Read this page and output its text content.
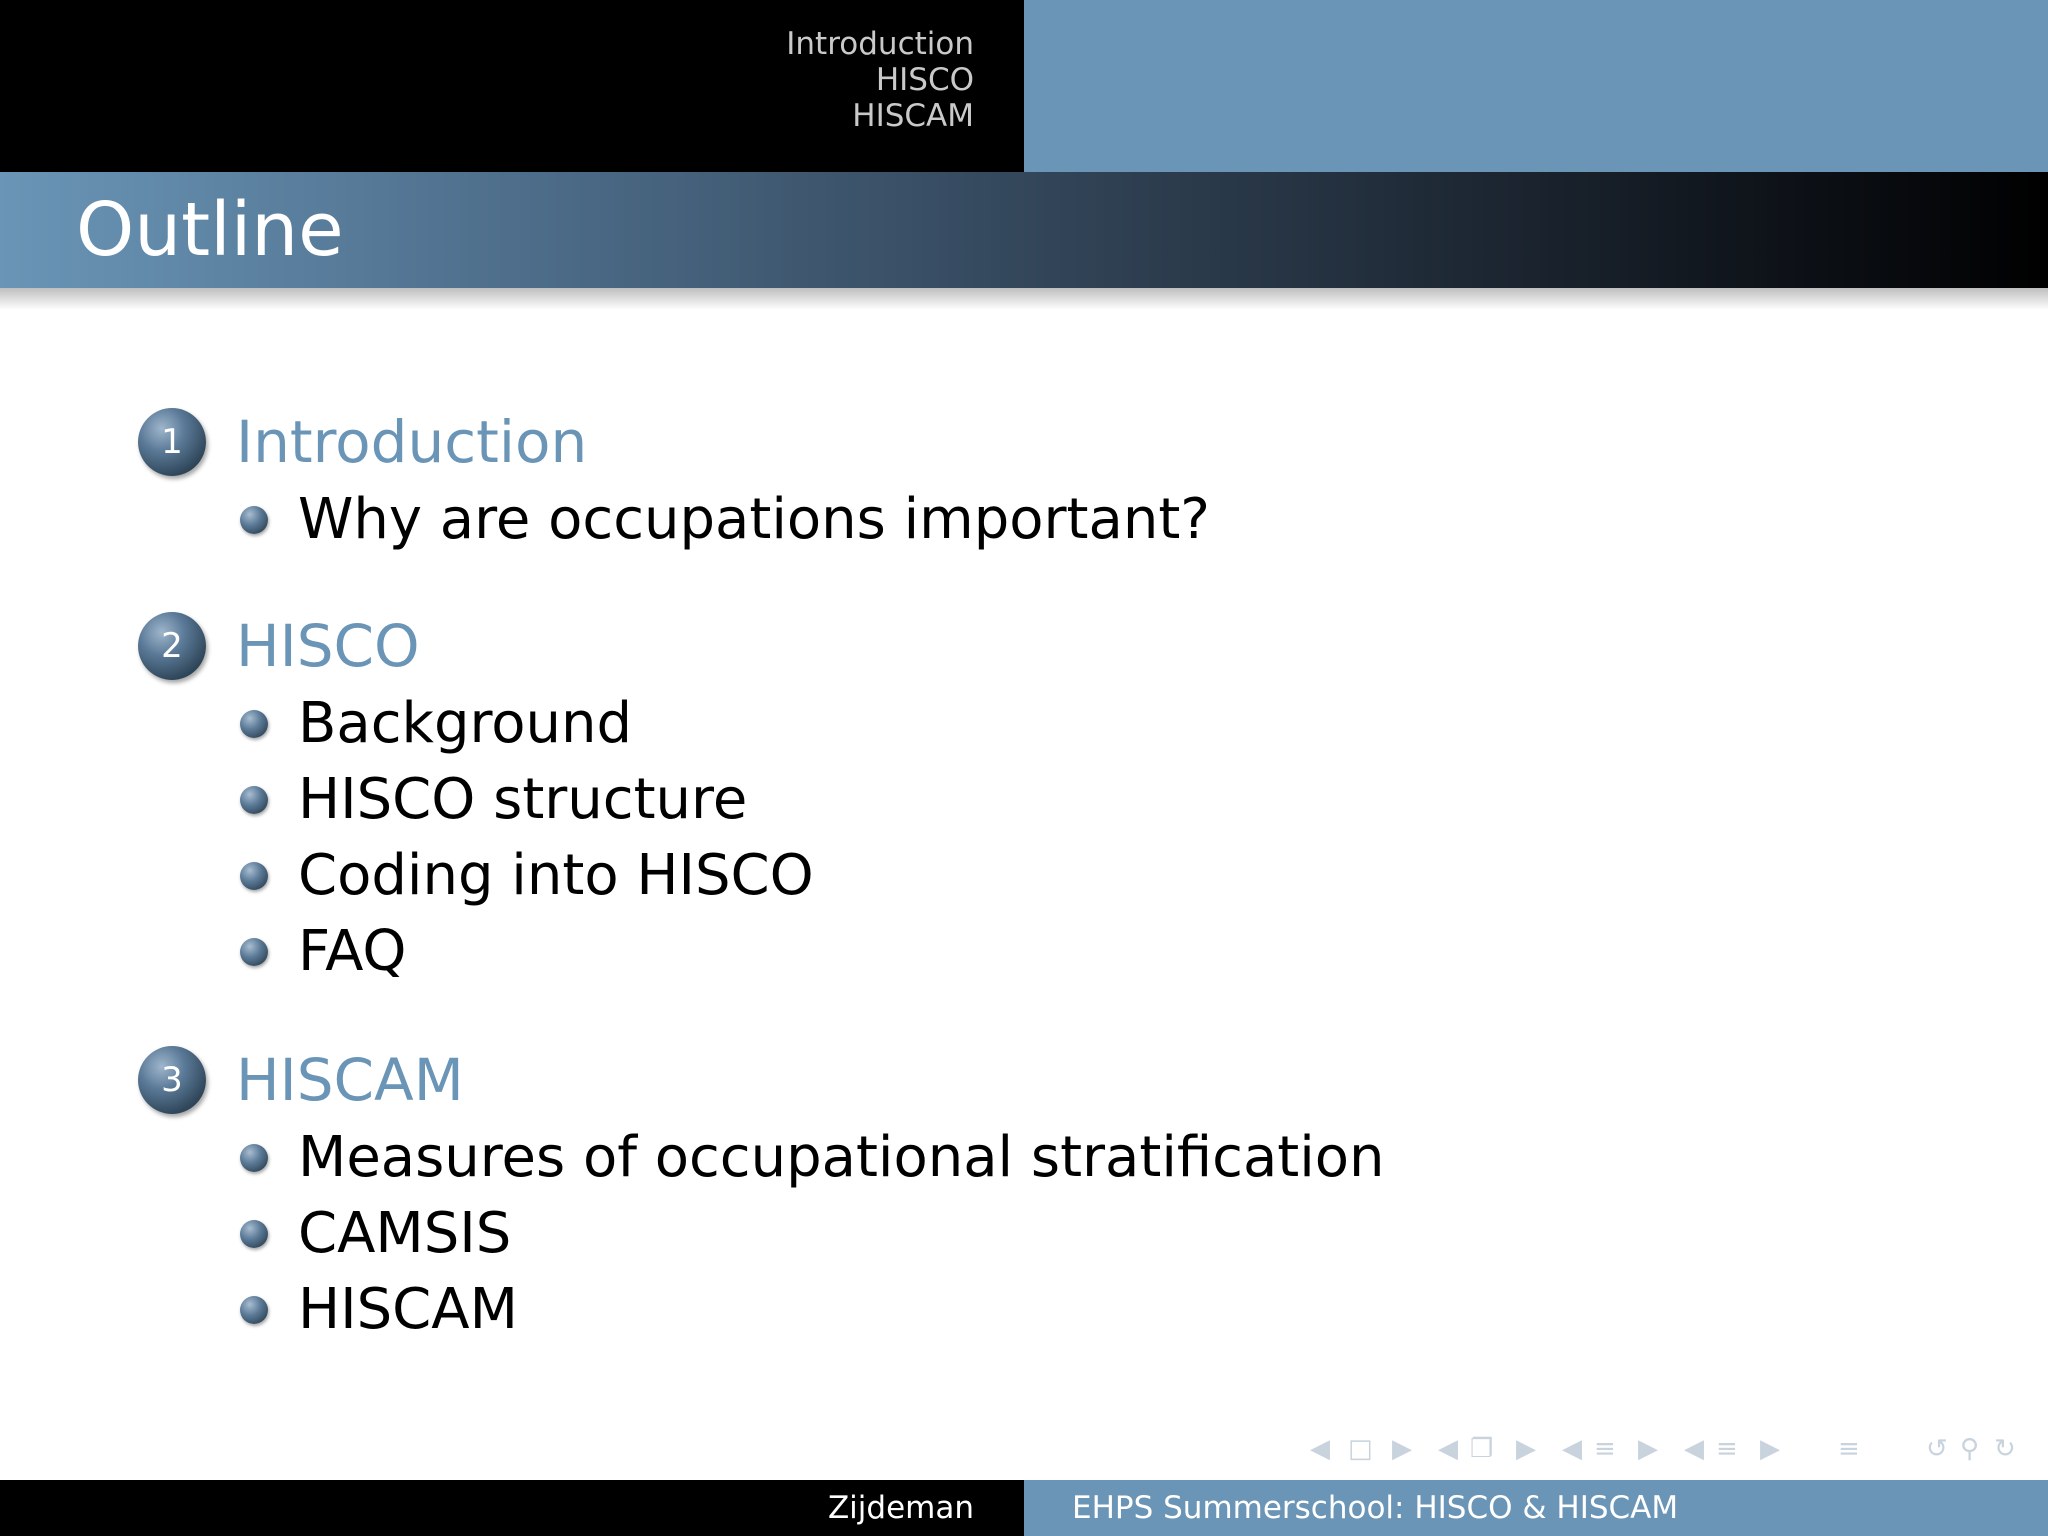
Introduction
HISCO
HISCAM
Outline
1 Introduction
Why are occupations important?
2 HISCO
Background
HISCO structure
Coding into HISCO
FAQ
3 HISCAM
Measures of occupational stratification
CAMSIS
HISCAM
◀ □ ▶ ◀ ❐ ▶ ◀ ≡ ▶ ◀ ≡ ▶ ≡	↺ ⚲ ↻
Zijdeman	EHPS Summerschool: HISCO & HISCAM
